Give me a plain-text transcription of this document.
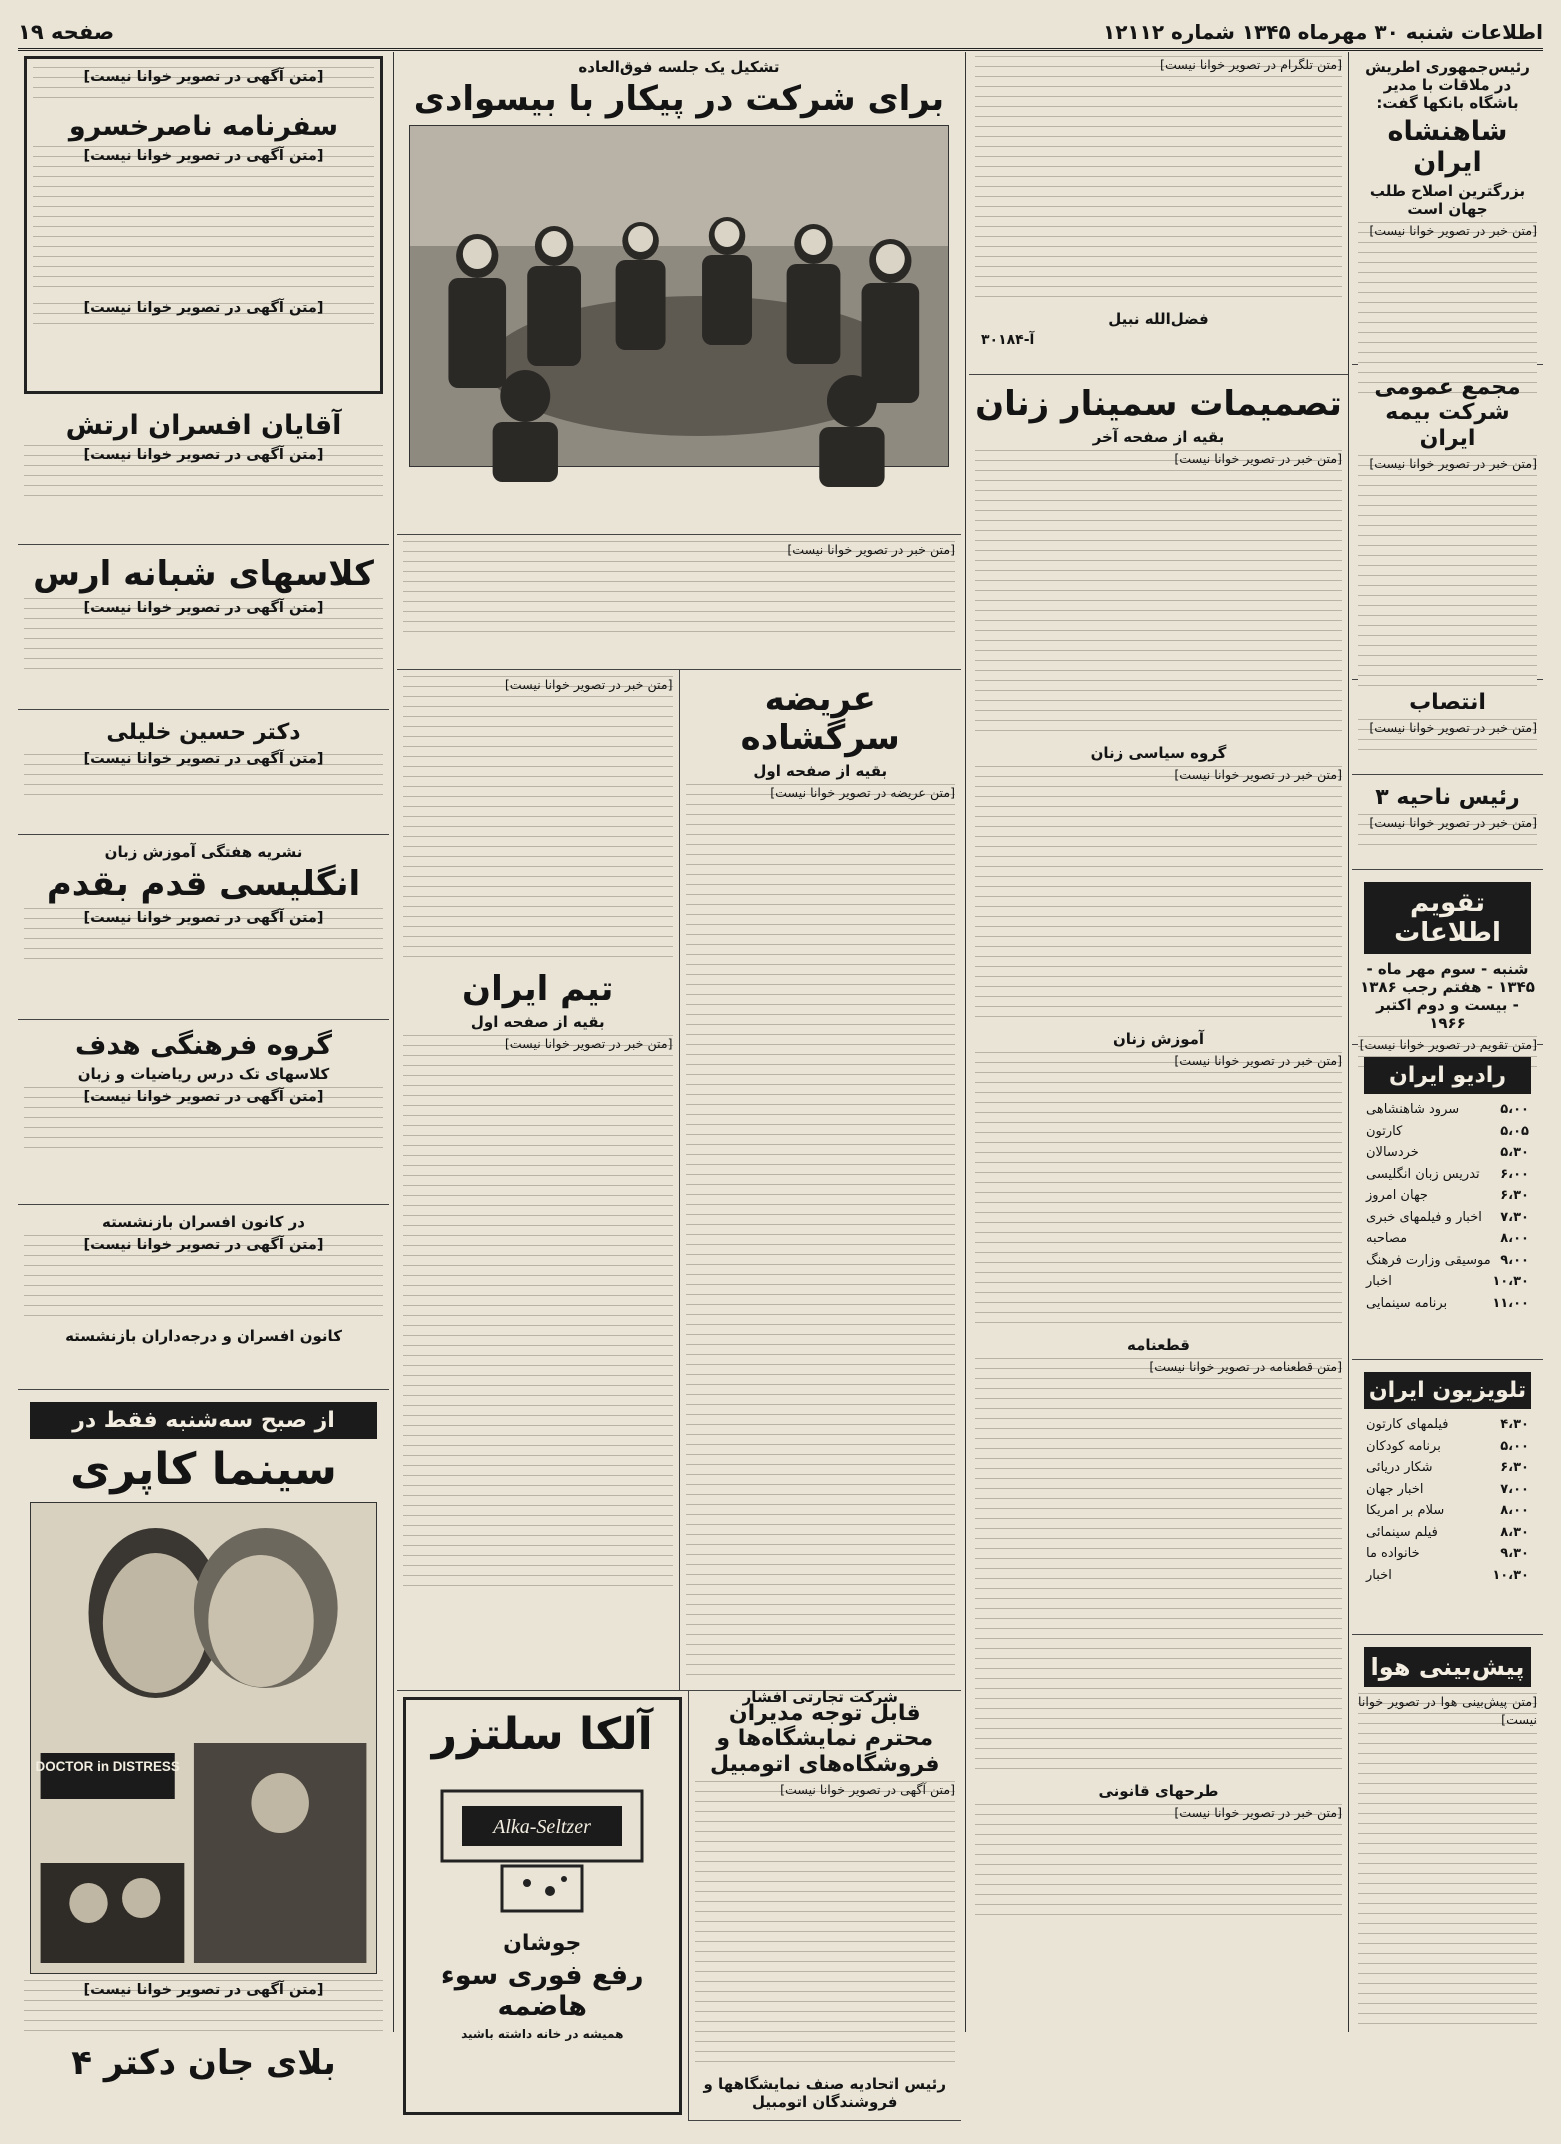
اطلاعات شنبه ۳۰ مهرماه ۱۳۴۵ شماره ۱۲۱۱۲
صفحه ۱۹
رئیس‌جمهوری اطریش در ملاقات با مدیر باشگاه بانکها گفت:
شاهنشاه ایران
بزرگترین اصلاح طلب جهان است

[متن خبر در تصویر خوانا نیست]

مجمع عمومی شرکت بیمه ایران

[متن خبر در تصویر خوانا نیست]

انتصاب

[متن خبر در تصویر خوانا نیست]

رئیس ناحیه ۳

[متن خبر در تصویر خوانا نیست]

تقویم اطلاعات
شنبه - سوم مهر ماه - ۱۳۴۵ - هفتم رجب ۱۳۸۶ - بیست و دوم اکتبر ۱۹۶۶

[متن تقویم در تصویر خوانا نیست]

رادیو ایران
۵،۰۰
سرود شاهنشاهی
۵،۰۵
کارتون
۵،۳۰
خردسالان
۶،۰۰
تدریس زبان انگلیسی
۶،۳۰
جهان امروز
۷،۳۰
اخبار و فیلمهای خبری
۸،۰۰
مصاحبه
۹،۰۰
موسیقی وزارت فرهنگ
۱۰،۳۰
اخبار
۱۱،۰۰
برنامه سینمایی
تلویزیون ایران
۴،۳۰
فیلمهای کارتون
۵،۰۰
برنامه کودکان
۶،۳۰
شکار دریائی
۷،۰۰
اخبار جهان
۸،۰۰
سلام بر امریکا
۸،۳۰
فیلم سینمائی
۹،۳۰
خانواده ما
۱۰،۳۰
اخبار
پیش‌بینی هوا

[متن پیش‌بینی هوا در تصویر خوانا نیست]

[متن تلگرام در تصویر خوانا نیست]

فضل‌الله نبیل
آ-۳۰۱۸۴
تصمیمات سمینار زنان
بقیه از صفحه آخر

[متن خبر در تصویر خوانا نیست]

گروه سیاسی زنان

[متن خبر در تصویر خوانا نیست]

آموزش زنان

[متن خبر در تصویر خوانا نیست]

قطعنامه

[متن قطعنامه در تصویر خوانا نیست]

طرحهای قانونی

[متن خبر در تصویر خوانا نیست]

تشکیل یک جلسه فوق‌العاده
برای شرکت در پیکار با بیسوادی

[متن خبر در تصویر خوانا نیست]

عریضه سرگشاده
بقیه از صفحه اول

[متن عریضه در تصویر خوانا نیست]

شرکت تجارتی افشار

[متن خبر در تصویر خوانا نیست]

تیم ایران
بقیه از صفحه اول

[متن خبر در تصویر خوانا نیست]

قابل توجه مدیران محترم نمایشگاه‌ها و فروشگاه‌های اتومبیل

[متن آگهی در تصویر خوانا نیست]

رئیس اتحادیه صنف نمایشگاهها و فروشندگان اتومبیل
آلکا سلتزر
Alka-Seltzer
جوشان
رفع فوری سوء هاضمه
همیشه در خانه داشته باشید

[متن آگهی در تصویر خوانا نیست]

سفرنامه ناصرخسرو

[متن آگهی در تصویر خوانا نیست]

[متن آگهی در تصویر خوانا نیست]

آقایان افسران ارتش

[متن آگهی در تصویر خوانا نیست]

کلاسهای شبانه ارس

[متن آگهی در تصویر خوانا نیست]

دکتر حسین خلیلی

[متن آگهی در تصویر خوانا نیست]

نشریه هفتگی آموزش زبان
انگلیسی قدم بقدم

[متن آگهی در تصویر خوانا نیست]

گروه فرهنگی هدف
کلاسهای تک درس ریاضیات و زبان

[متن آگهی در تصویر خوانا نیست]

در کانون افسران بازنشسته

[متن آگهی در تصویر خوانا نیست]

کانون افسران و درجه‌داران بازنشسته
از صبح سه‌شنبه فقط در
سینما کاپری
DOCTOR in DISTRESS

[متن آگهی در تصویر خوانا نیست]

بلای جان دکتر ۴
